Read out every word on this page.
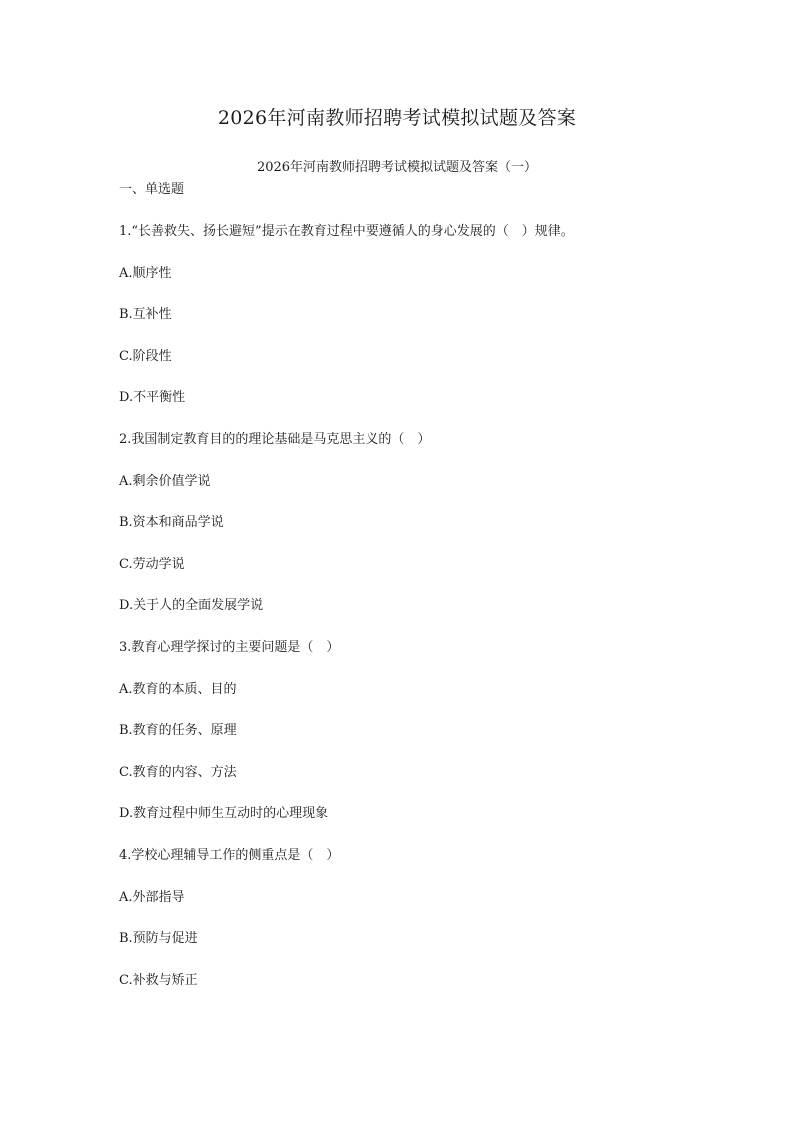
2026年河南教师招聘考试模拟试题及答案
2026年河南教师招聘考试模拟试题及答案（一）
一、单选题
1.“长善救失、扬长避短”提示在教育过程中要遵循人的身心发展的（　）规律。
A.顺序性
B.互补性
C.阶段性
D.不平衡性
2.我国制定教育目的的理论基础是马克思主义的（　）
A.剩余价值学说
B.资本和商品学说
C.劳动学说
D.关于人的全面发展学说
3.教育心理学探讨的主要问题是（　）
A.教育的本质、目的
B.教育的任务、原理
C.教育的内容、方法
D.教育过程中师生互动时的心理现象
4.学校心理辅导工作的侧重点是（　）
A.外部指导
B.预防与促进
C.补救与矫正
